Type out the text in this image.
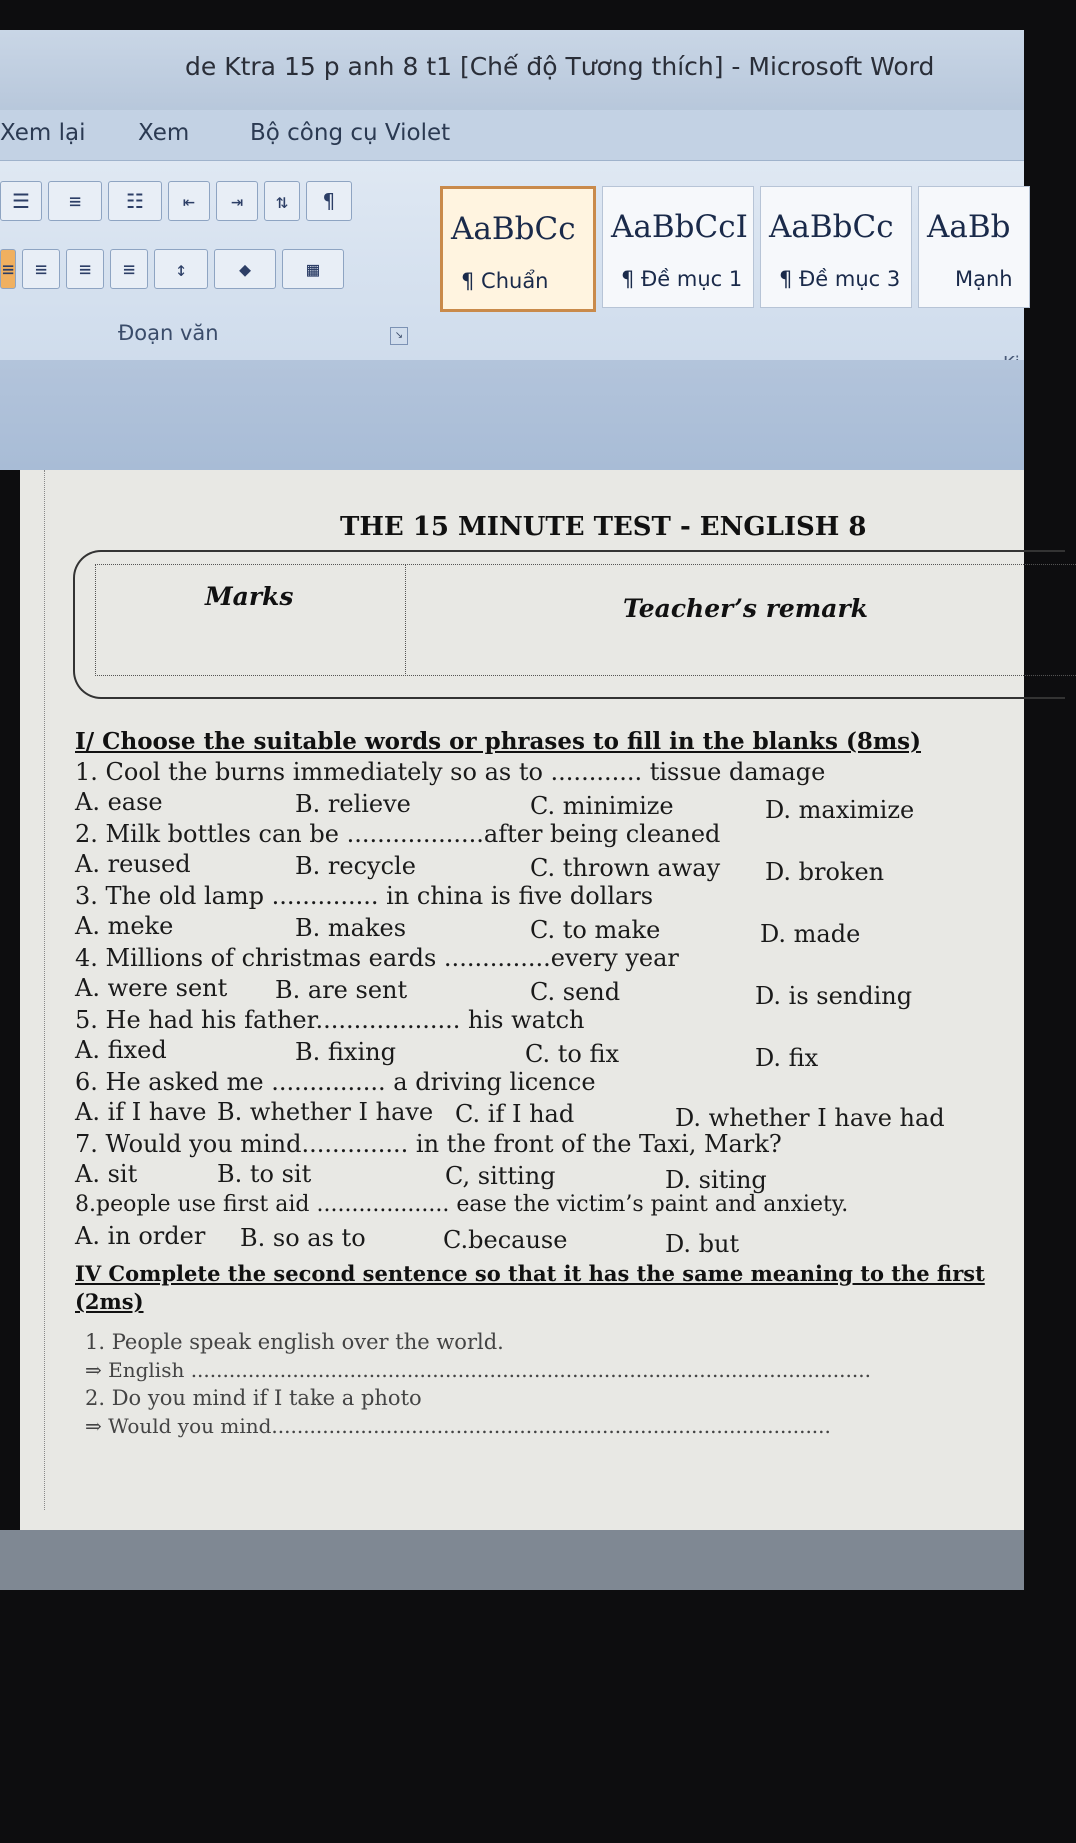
de Ktra 15 p anh 8 t1 [Chế độ Tương thích] - Microsoft Word
Xem lại Xem	Bộ công cụ Violet
☰	≡	☷	⇤	⇥	⇅	¶
≡	≡	≡	≡	↕	◆	▦
Đoạn văn	↘
AaBbCc
¶ Chuẩn
AaBbCcI
¶ Đề mục 1
AaBbCc
¶ Đề mục 3
AaBb
Mạnh
THE 15 MINUTE TEST - ENGLISH 8
Marks	Teacher’s remark
I/ Choose the suitable words or phrases to fill in the blanks (8ms)
1. Cool the burns immediately so as to ............ tissue damage
A. ease	B. relieve	C. minimize	D. maximize
2. Milk bottles can be ..................after being cleaned
A. reused	B. recycle	C. thrown away D. broken
3. The old lamp .............. in china is five dollars
A. meke	B. makes	C. to make	D. made
4. Millions of christmas eards ..............every year
A. were sent B. are sent	C. send	D. is sending
5. He had his father................... his watch
A. fixed	B. fixing	C. to fix	D. fix
6. He asked me ............... a driving licence
A. if I have B. whether I have C. if I had	D. whether I have had
7. Would you mind.............. in the front of the Taxi, Mark?
A. sit	B. to sit	C, sitting	D. siting
8.people use first aid ................... ease the victim’s paint and anxiety.
A. in order B. so as to	C.because	D. but
IV Complete the second sentence so that it has the same meaning to the first (2ms)
1. People speak english over the world.
⇒ English ...........................................................................................................
2. Do you mind if I take a photo
⇒ Would you mind........................................................................................
